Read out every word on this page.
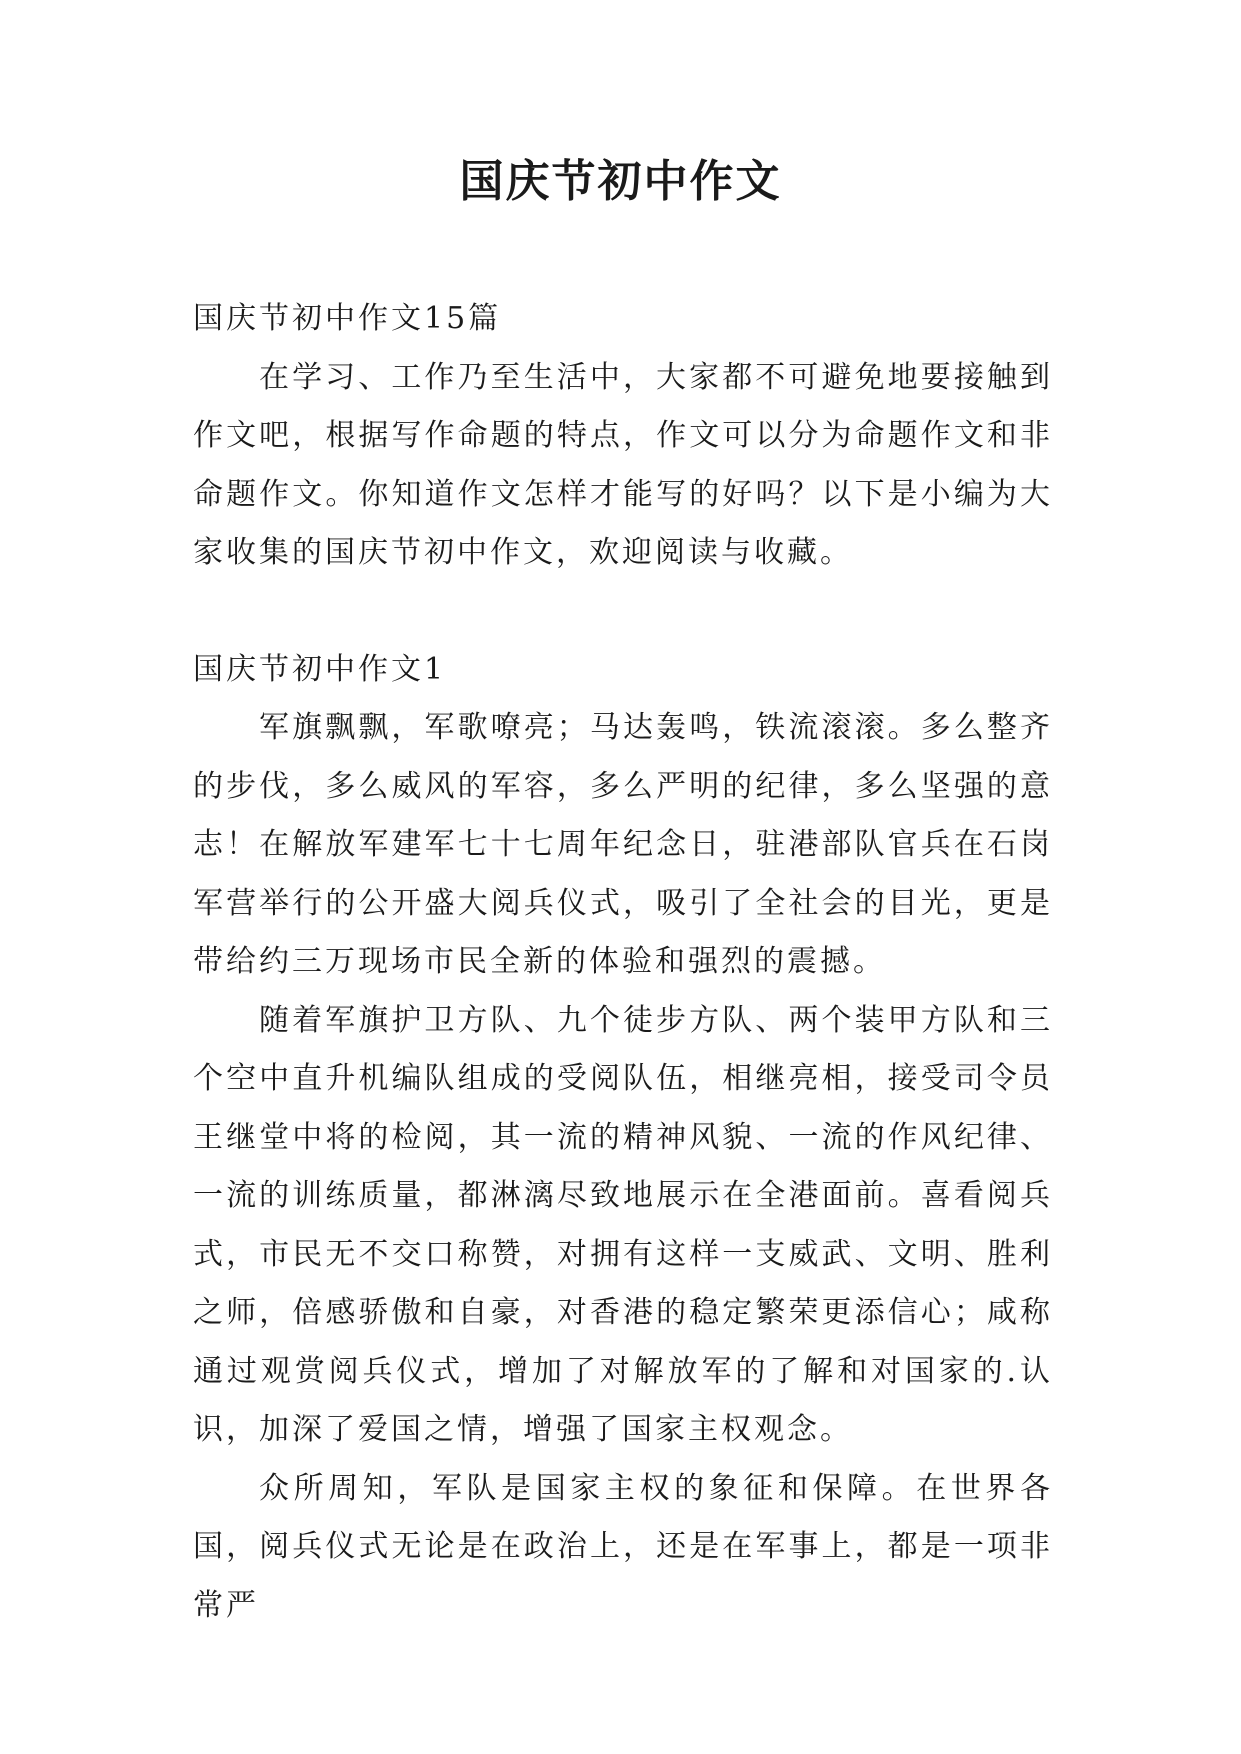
国庆节初中作文

国庆节初中作文15篇

在学习、工作乃至生活中，大家都不可避免地要接触到作文吧，根据写作命题的特点，作文可以分为命题作文和非命题作文。你知道作文怎样才能写的好吗？以下是小编为大家收集的国庆节初中作文，欢迎阅读与收藏。

国庆节初中作文1

军旗飘飘，军歌嘹亮；马达轰鸣，铁流滚滚。多么整齐的步伐，多么威风的军容，多么严明的纪律，多么坚强的意志！在解放军建军七十七周年纪念日，驻港部队官兵在石岗军营举行的公开盛大阅兵仪式，吸引了全社会的目光，更是带给约三万现场市民全新的体验和强烈的震撼。

随着军旗护卫方队、九个徒步方队、两个装甲方队和三个空中直升机编队组成的受阅队伍，相继亮相，接受司令员王继堂中将的检阅，其一流的精神风貌、一流的作风纪律、一流的训练质量，都淋漓尽致地展示在全港面前。喜看阅兵式，市民无不交口称赞，对拥有这样一支威武、文明、胜利之师，倍感骄傲和自豪，对香港的稳定繁荣更添信心；咸称通过观赏阅兵仪式，增加了对解放军的了解和对国家的.认识，加深了爱国之情，增强了国家主权观念。

众所周知，军队是国家主权的象征和保障。在世界各国，阅兵仪式无论是在政治上，还是在军事上，都是一项非常严
